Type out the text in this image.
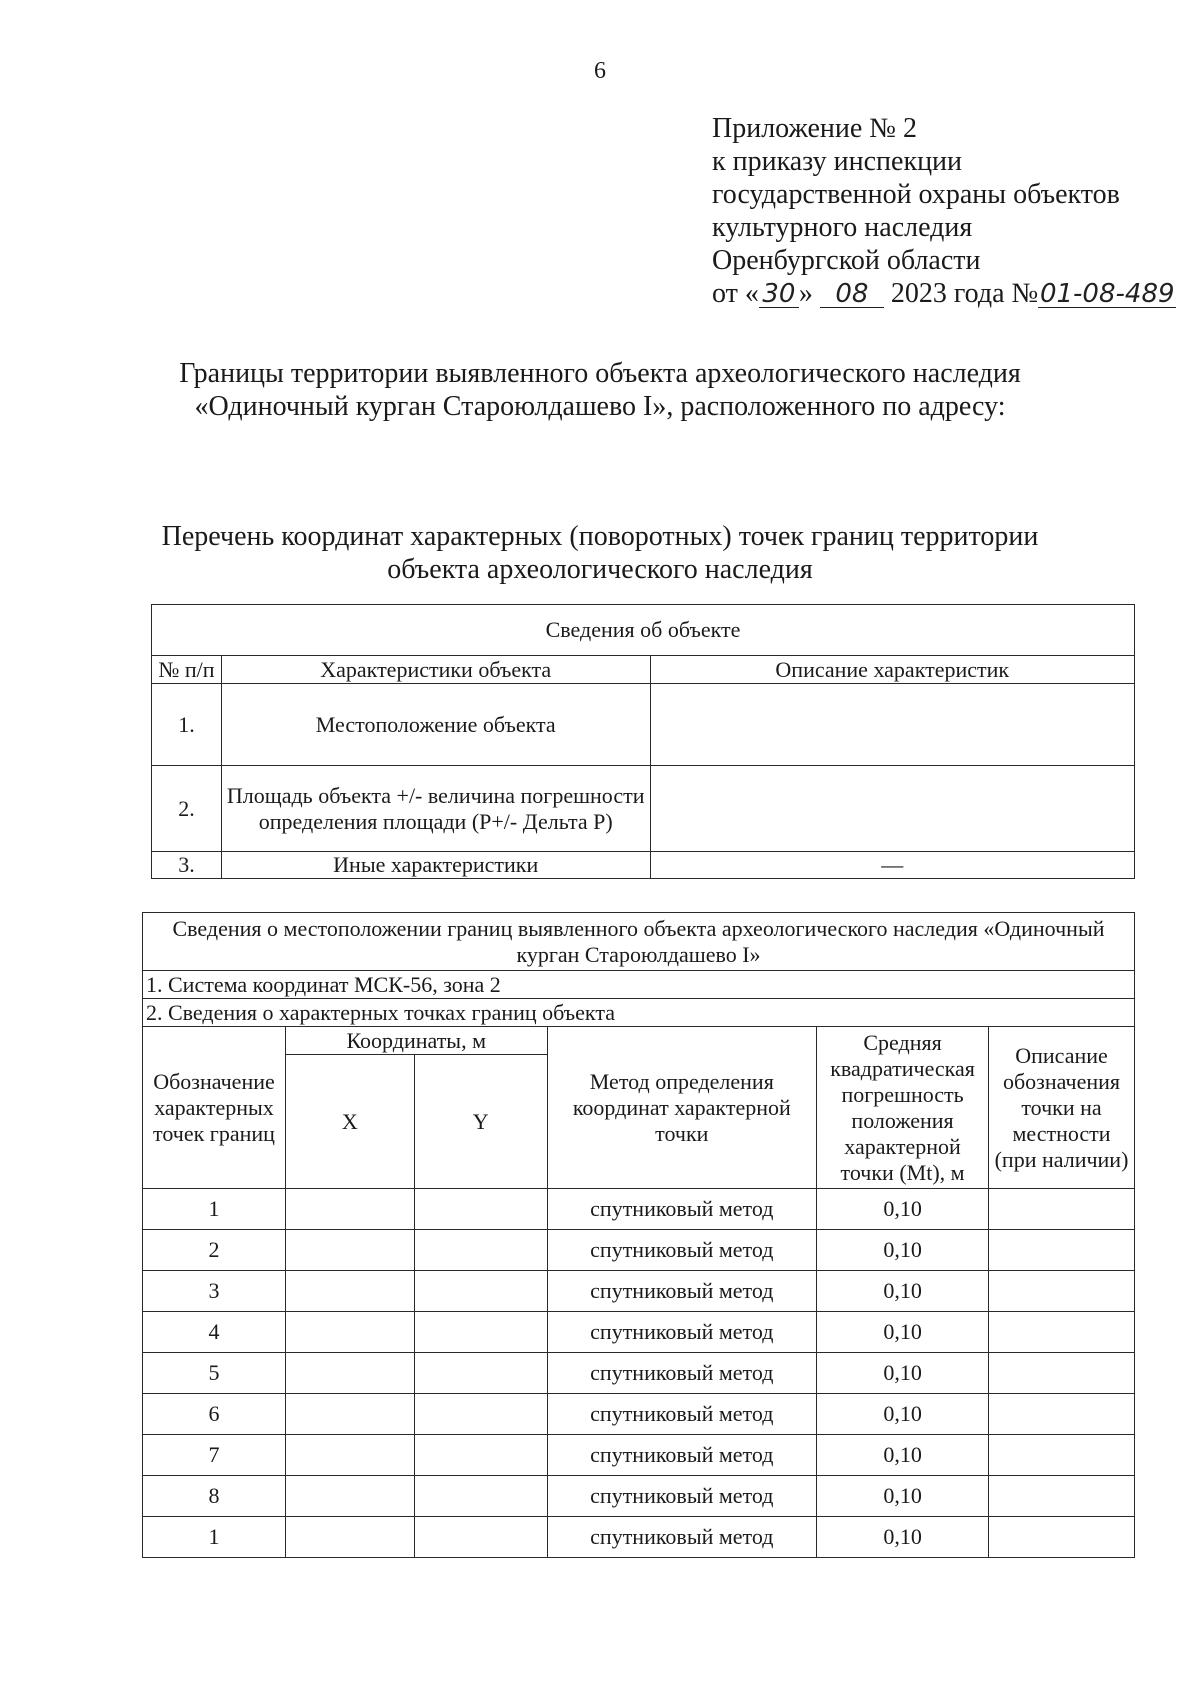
6
Приложение № 2
к приказу инспекции
государственной охраны объектов
культурного наследия
Оренбургской области
от « 30 » 08 2023 года №01-08-489
Границы территории выявленного объекта археологического наследия
«Одиночный курган Староюлдашево I», расположенного по адресу:
Перечень координат характерных (поворотных) точек границ территории
объекта археологического наследия
Сведения об объекте		
№ п/п	Характеристики объекта	Описание характеристик
1.	Местоположение объекта	
2.	Площадь объекта +/- величина погрешности определения площади (Р+/- Дельта Р)	
3.	Иные характеристики	—
Сведения о местоположении границ выявленного объекта археологического наследия «Одиночный курган Староюлдашево I»					
1. Система координат МСК-56, зона 2					
2. Сведения о характерных точках границ объекта					
Обозначение характерных точек границ	Координаты, м		Метод определения координат характерной точки	Средняя квадратическая погрешность положения характерной точки (Mt), м	Описание обозначения точки на местности (при наличии)
	X	Y			
1			спутниковый метод	0,10	
2			спутниковый метод	0,10	
3			спутниковый метод	0,10	
4			спутниковый метод	0,10	
5			спутниковый метод	0,10	
6			спутниковый метод	0,10	
7			спутниковый метод	0,10	
8			спутниковый метод	0,10	
1			спутниковый метод	0,10	
